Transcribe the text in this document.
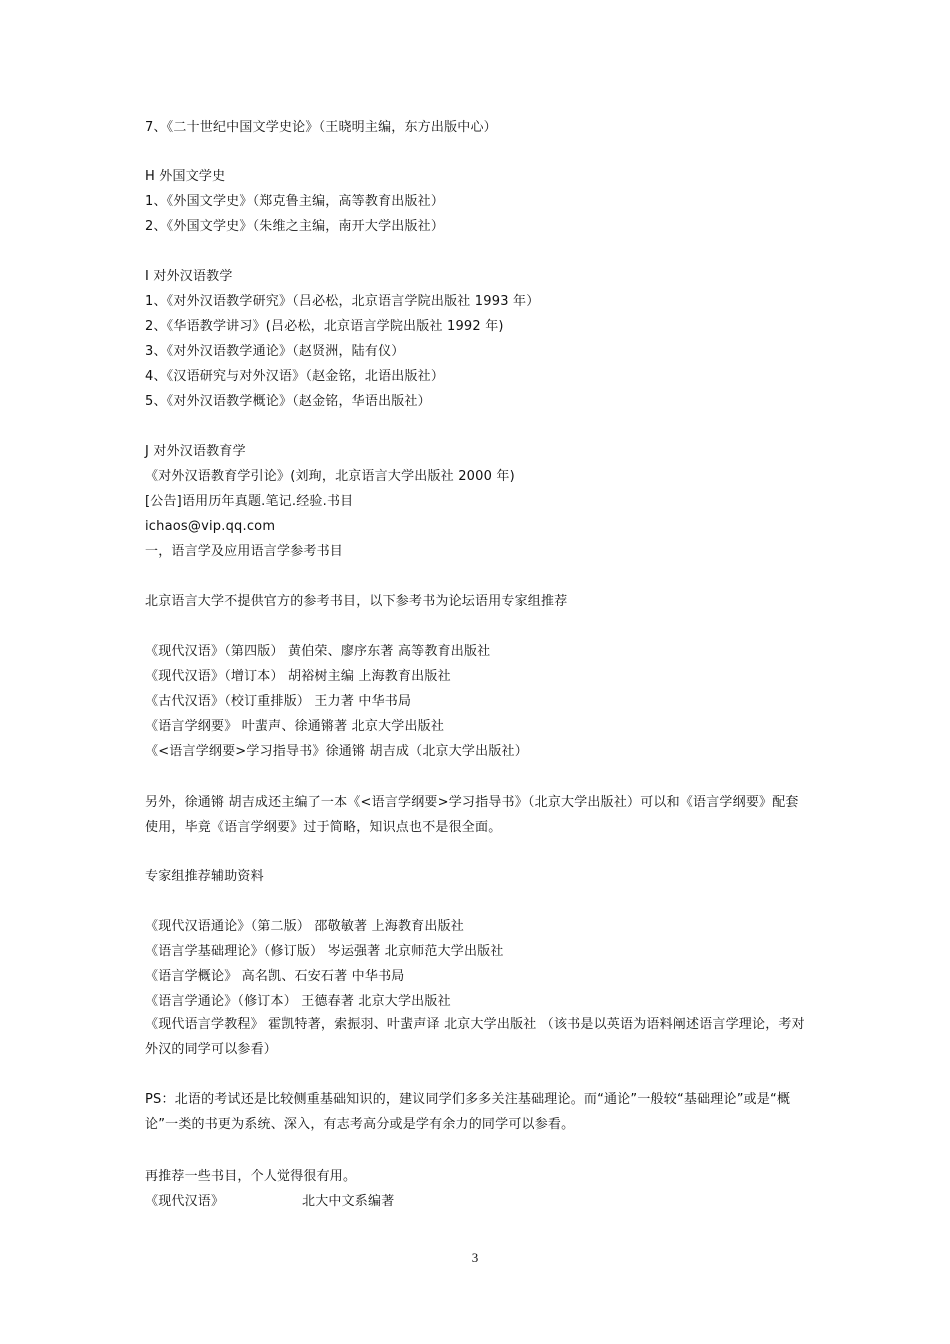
7、《二十世纪中国文学史论》（王晓明主编，东方出版中心）

H 外国文学史

1、《外国文学史》（郑克鲁主编，高等教育出版社）

2、《外国文学史》（朱维之主编，南开大学出版社）

I 对外汉语教学

1、《对外汉语教学研究》（吕必松，北京语言学院出版社 1993 年）

2、《华语教学讲习》(吕必松，北京语言学院出版社 1992 年)

3、《对外汉语教学通论》（赵贤洲，陆有仪）

4、《汉语研究与对外汉语》（赵金铭，北语出版社）

5、《对外汉语教学概论》（赵金铭，华语出版社）

J 对外汉语教育学

《对外汉语教育学引论》(刘珣，北京语言大学出版社 2000 年)

[公告]语用历年真题.笔记.经验.书目

ichaos@vip.qq.com

一，语言学及应用语言学参考书目

北京语言大学不提供官方的参考书目，以下参考书为论坛语用专家组推荐

《现代汉语》（第四版） 黄伯荣、廖序东著 高等教育出版社

《现代汉语》（增订本） 胡裕树主编 上海教育出版社

《古代汉语》（校订重排版） 王力著 中华书局

《语言学纲要》 叶蜚声、徐通锵著 北京大学出版社

《<语言学纲要>学习指导书》徐通锵 胡吉成（北京大学出版社）

另外，徐通锵 胡吉成还主编了一本《<语言学纲要>学习指导书》（北京大学出版社）可以和《语言学纲要》配套使用，毕竟《语言学纲要》过于简略，知识点也不是很全面。

专家组推荐辅助资料

《现代汉语通论》（第二版） 邵敬敏著 上海教育出版社

《语言学基础理论》（修订版） 岑运强著 北京师范大学出版社

《语言学概论》 高名凯、石安石著 中华书局

《语言学通论》（修订本） 王德春著 北京大学出版社

《现代语言学教程》 霍凯特著，索振羽、叶蜚声译 北京大学出版社 （该书是以英语为语料阐述语言学理论，考对外汉的同学可以参看）

PS：北语的考试还是比较侧重基础知识的，建议同学们多多关注基础理论。而“通论”一般较“基础理论”或是“概论”一类的书更为系统、深入，有志考高分或是学有余力的同学可以参看。

再推荐一些书目，个人觉得很有用。

《现代汉语》	北大中文系编著

3
